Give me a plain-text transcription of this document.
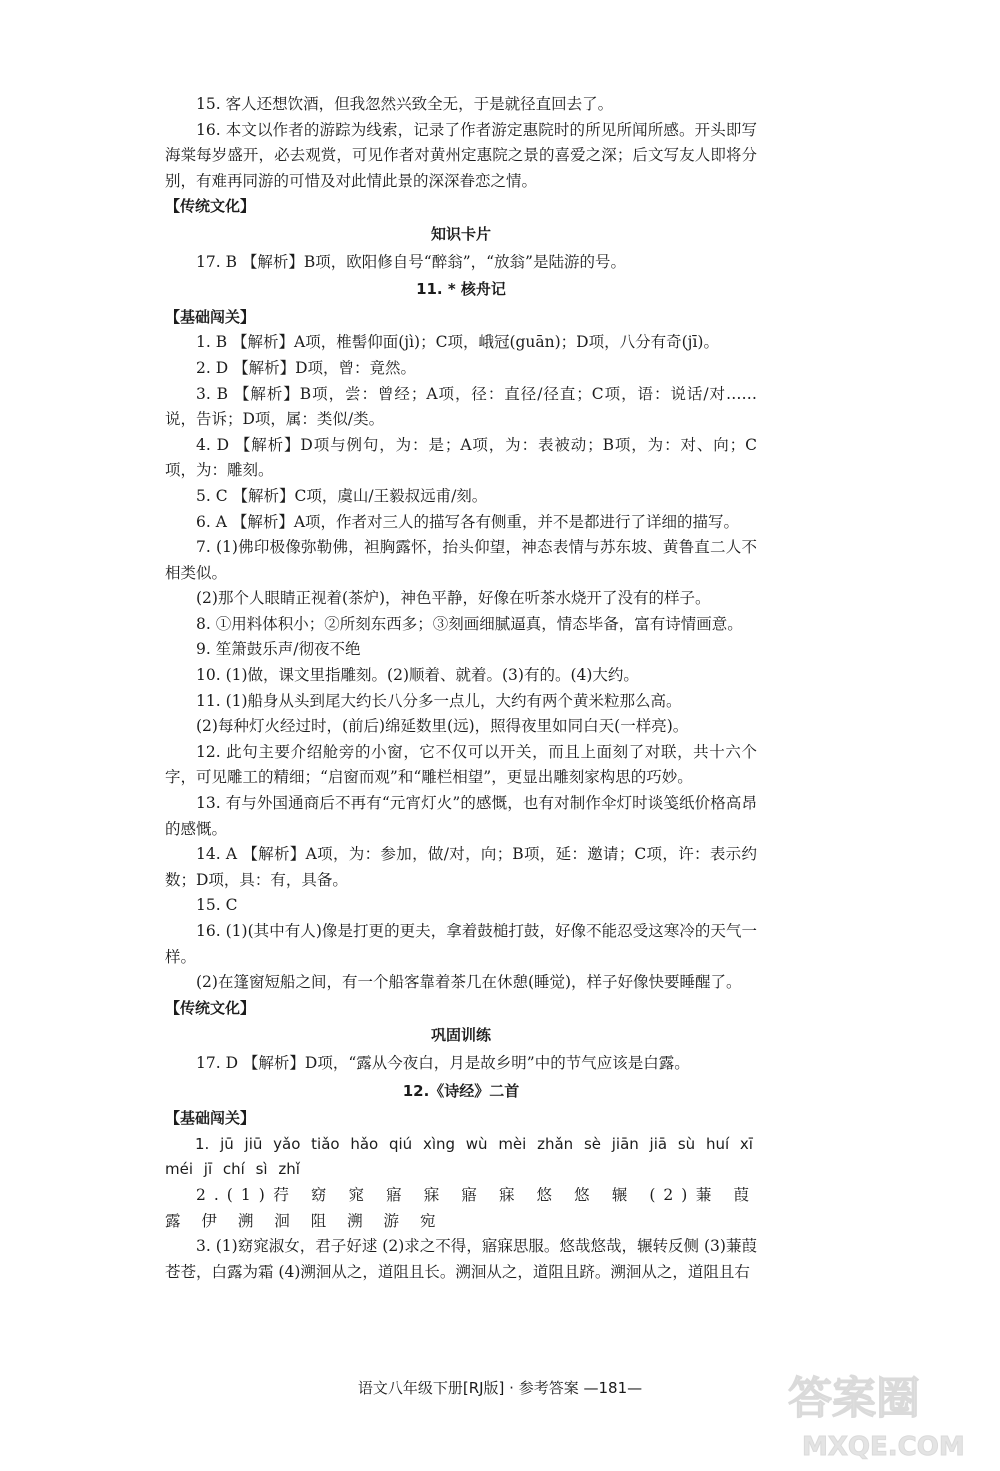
15. 客人还想饮酒，但我忽然兴致全无，于是就径直回去了。

16. 本文以作者的游踪为线索，记录了作者游定惠院时的所见所闻所感。开头即写海棠每岁盛开，必去观赏，可见作者对黄州定惠院之景的喜爱之深；后文写友人即将分别，有难再同游的可惜及对此情此景的深深眷恋之情。

【传统文化】

知识卡片

17. B 【解析】B项，欧阳修自号“醉翁”，“放翁”是陆游的号。

11. * 核舟记

【基础闯关】

1. B 【解析】A项，椎髻仰面(jì)；C项，峨冠(guān)；D项，八分有奇(jī)。

2. D 【解析】D项，曾：竟然。

3. B 【解析】B项，尝：曾经；A项，径：直径/径直；C项，语：说话/对……说，告诉；D项，属：类似/类。

4. D 【解析】D项与例句，为：是；A项，为：表被动；B项，为：对、向；C项，为：雕刻。

5. C 【解析】C项，虞山/王毅叔远甫/刻。

6. A 【解析】A项，作者对三人的描写各有侧重，并不是都进行了详细的描写。

7. (1)佛印极像弥勒佛，袒胸露怀，抬头仰望，神态表情与苏东坡、黄鲁直二人不相类似。

(2)那个人眼睛正视着(茶炉)，神色平静，好像在听茶水烧开了没有的样子。

8. ①用料体积小；②所刻东西多；③刻画细腻逼真，情态毕备，富有诗情画意。

9. 笙箫鼓乐声/彻夜不绝

10. (1)做，课文里指雕刻。(2)顺着、就着。(3)有的。(4)大约。

11. (1)船身从头到尾大约长八分多一点儿，大约有两个黄米粒那么高。

(2)每种灯火经过时，(前后)绵延数里(远)，照得夜里如同白天(一样亮)。

12. 此句主要介绍舱旁的小窗，它不仅可以开关，而且上面刻了对联，共十六个字，可见雕工的精细；“启窗而观”和“雕栏相望”，更显出雕刻家构思的巧妙。

13. 有与外国通商后不再有“元宵灯火”的感慨，也有对制作伞灯时谈笺纸价格高昂的感慨。

14. A 【解析】A项，为：参加，做/对，向；B项，延：邀请；C项，许：表示约数；D项，具：有，具备。

15. C

16. (1)(其中有人)像是打更的更夫，拿着鼓槌打鼓，好像不能忍受这寒冷的天气一样。

(2)在篷窗短船之间，有一个船客靠着茶几在休憩(睡觉)，样子好像快要睡醒了。

【传统文化】

巩固训练

17. D 【解析】D项，“露从今夜白，月是故乡明”中的节气应该是白露。

12.《诗经》二首

【基础闯关】

1. jū jiū yǎo tiǎo hǎo qiú xìng wù mèi zhǎn sè jiān jiā sù huí xī méi jī chí sì zhǐ

2.(1)荇 窈 窕 寤 寐 寤 寐 悠 悠 辗 (2)蒹 葭 露 伊 溯 洄 阻 溯 游 宛

3. (1)窈窕淑女，君子好逑 (2)求之不得，寤寐思服。悠哉悠哉，辗转反侧 (3)蒹葭苍苍，白露为霜 (4)溯洄从之，道阻且长。溯洄从之，道阻且跻。溯洄从之，道阻且右

语文八年级下册[RJ版] · 参考答案 —181—	答案圈
MXQE.COM
